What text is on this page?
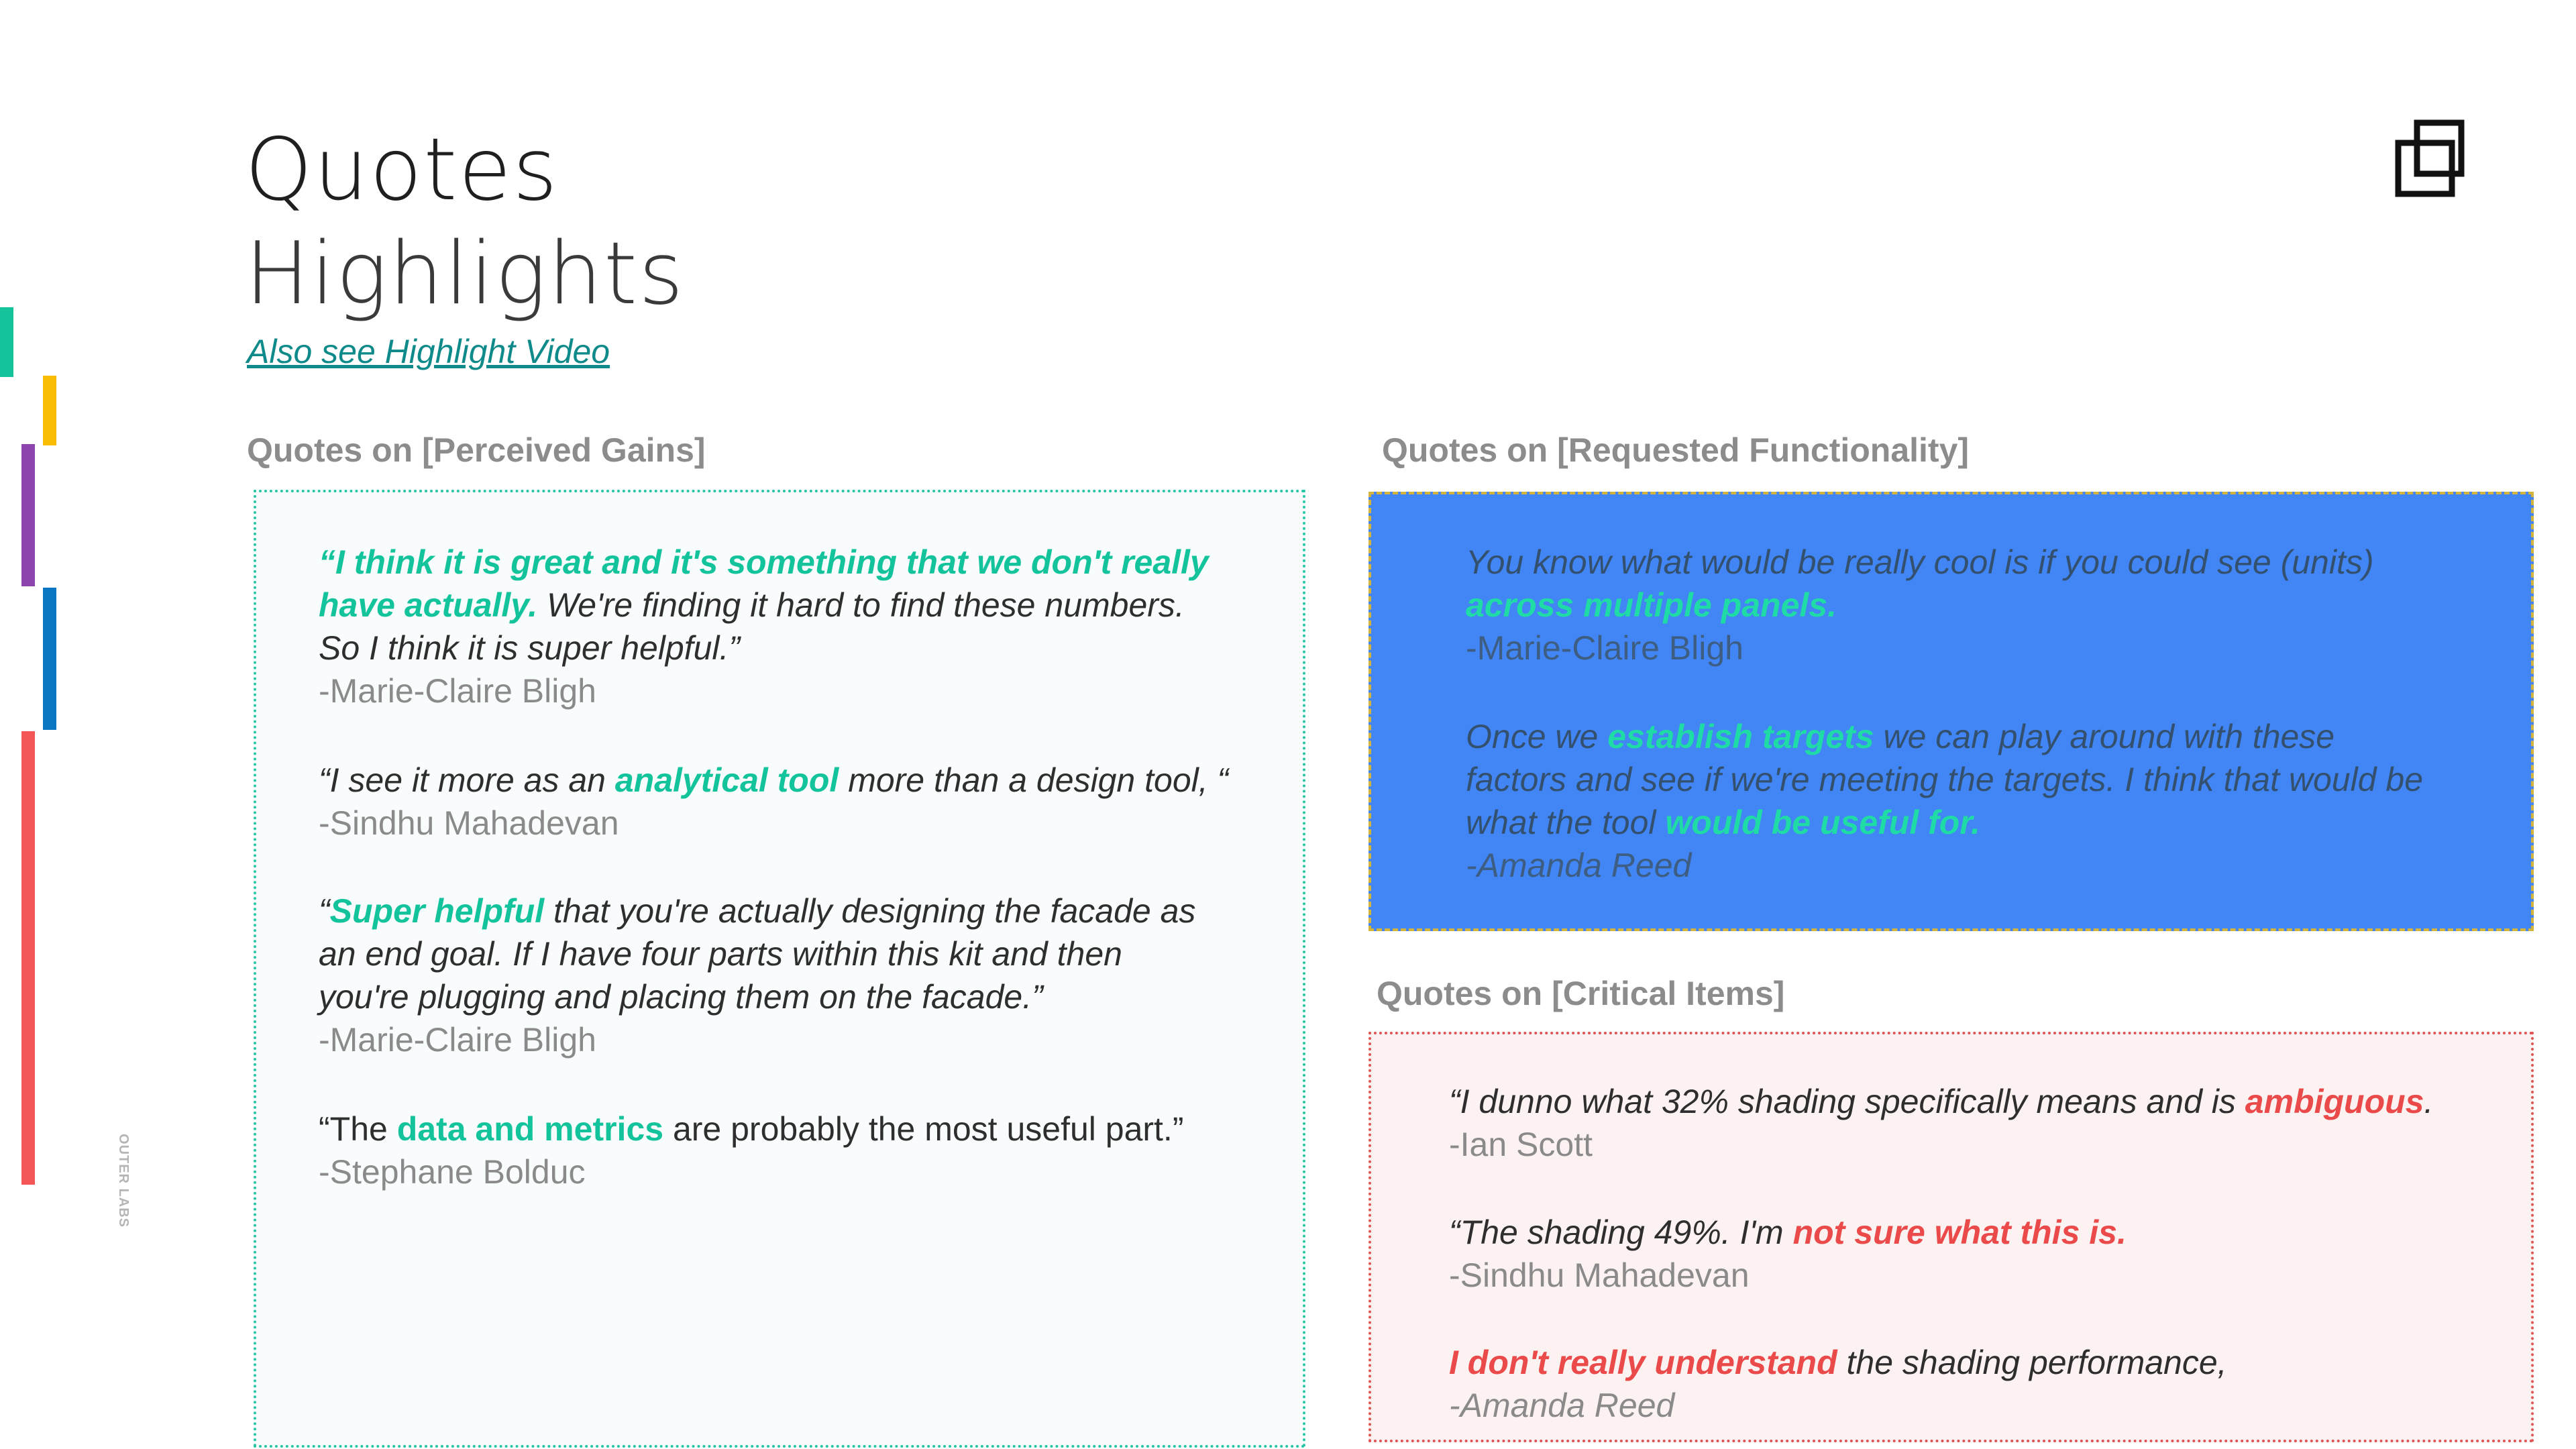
Quotes
Highlights
Also see Highlight Video
Quotes on [Perceived Gains]	Quotes on [Requested Functionality]
Quotes on [Critical Items]
“I think it is great and it's something that we don't really
have actually. We're finding it hard to find these numbers.
So I think it is super helpful.”
-Marie-Claire Bligh
“I see it more as an analytical tool more than a design tool, “
-Sindhu Mahadevan
“Super helpful that you're actually designing the facade as
an end goal. If I have four parts within this kit and then
you're plugging and placing them on the facade.”
-Marie-Claire Bligh
“The data and metrics are probably the most useful part.”
-Stephane Bolduc
You know what would be really cool is if you could see (units)
across multiple panels.
-Marie-Claire Bligh
Once we establish targets we can play around with these
factors and see if we're meeting the targets. I think that would be
what the tool would be useful for.
-Amanda Reed
“I dunno what 32% shading specifically means and is ambiguous.
-Ian Scott
“The shading 49%. I'm not sure what this is.
-Sindhu Mahadevan
I don't really understand the shading performance,
-Amanda Reed
OUTER LABS
